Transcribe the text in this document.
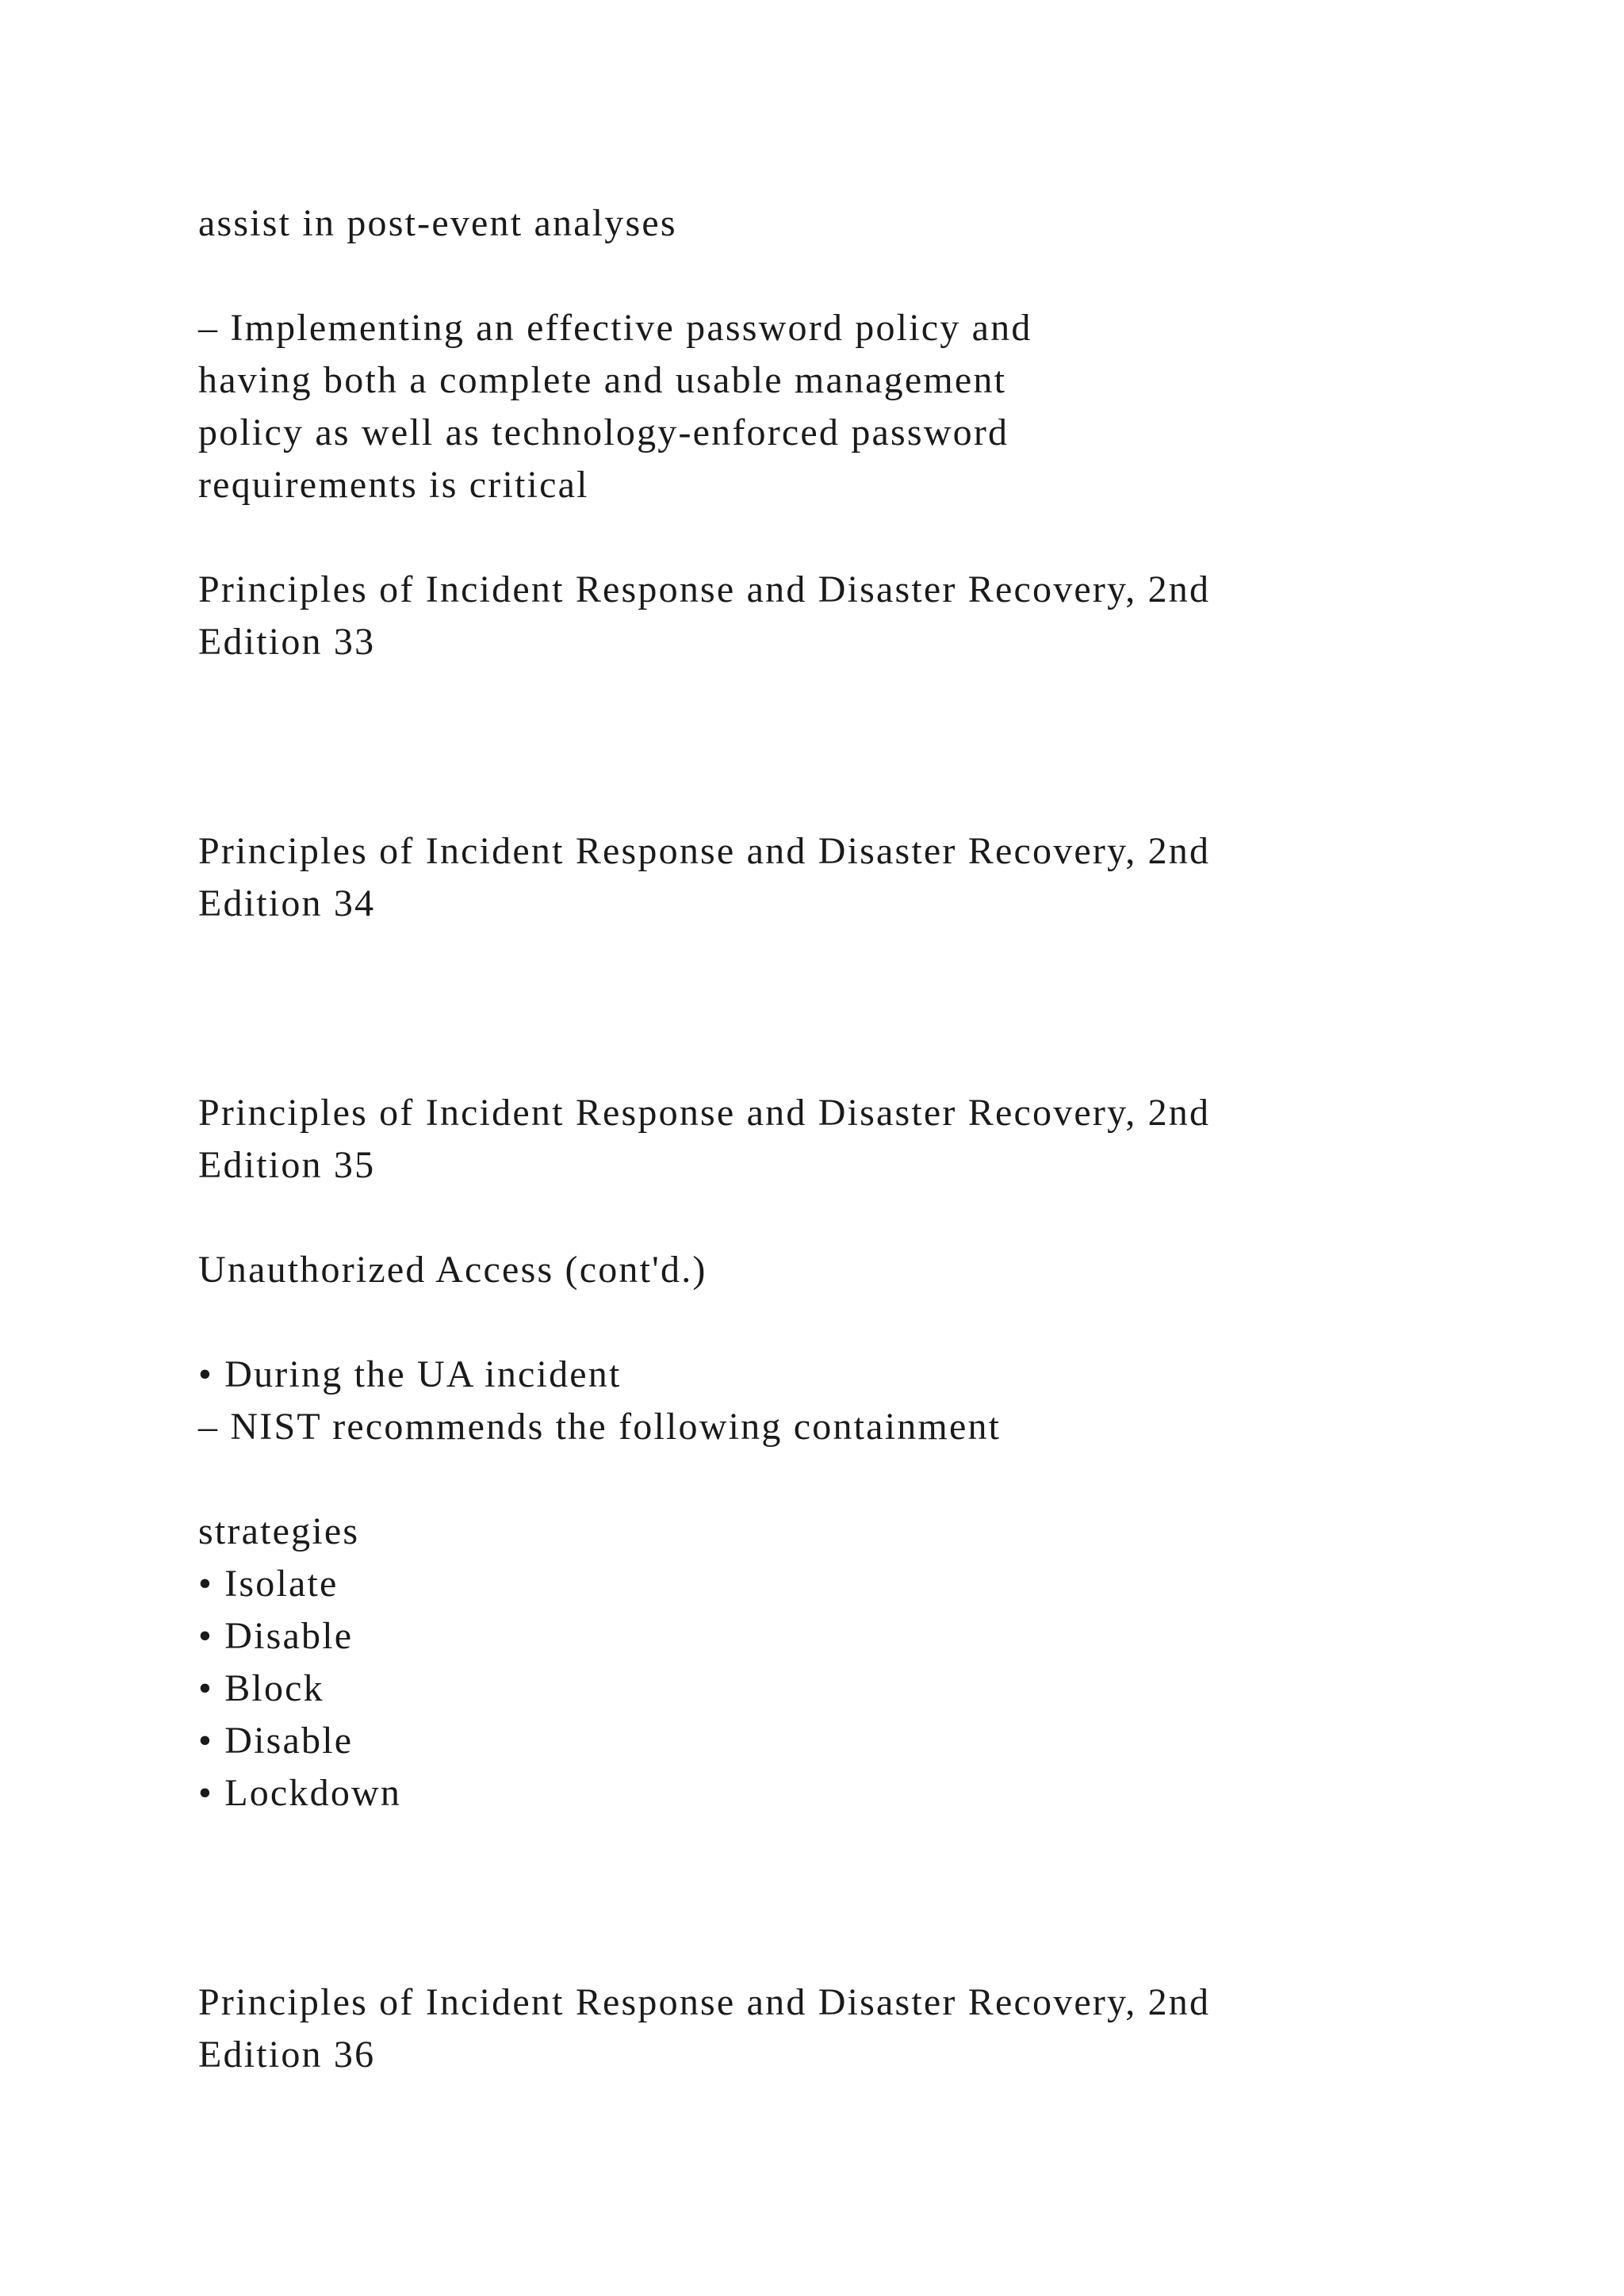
assist in post-event analyses

– Implementing an effective password policy and

having both a complete and usable management

policy as well as technology-enforced password

requirements is critical

Principles of Incident Response and Disaster Recovery, 2nd

Edition 33

Principles of Incident Response and Disaster Recovery, 2nd

Edition 34

Principles of Incident Response and Disaster Recovery, 2nd

Edition 35

Unauthorized Access (cont'd.)

• During the UA incident

– NIST recommends the following containment

strategies

• Isolate

• Disable

• Block

• Disable

• Lockdown

Principles of Incident Response and Disaster Recovery, 2nd

Edition 36
